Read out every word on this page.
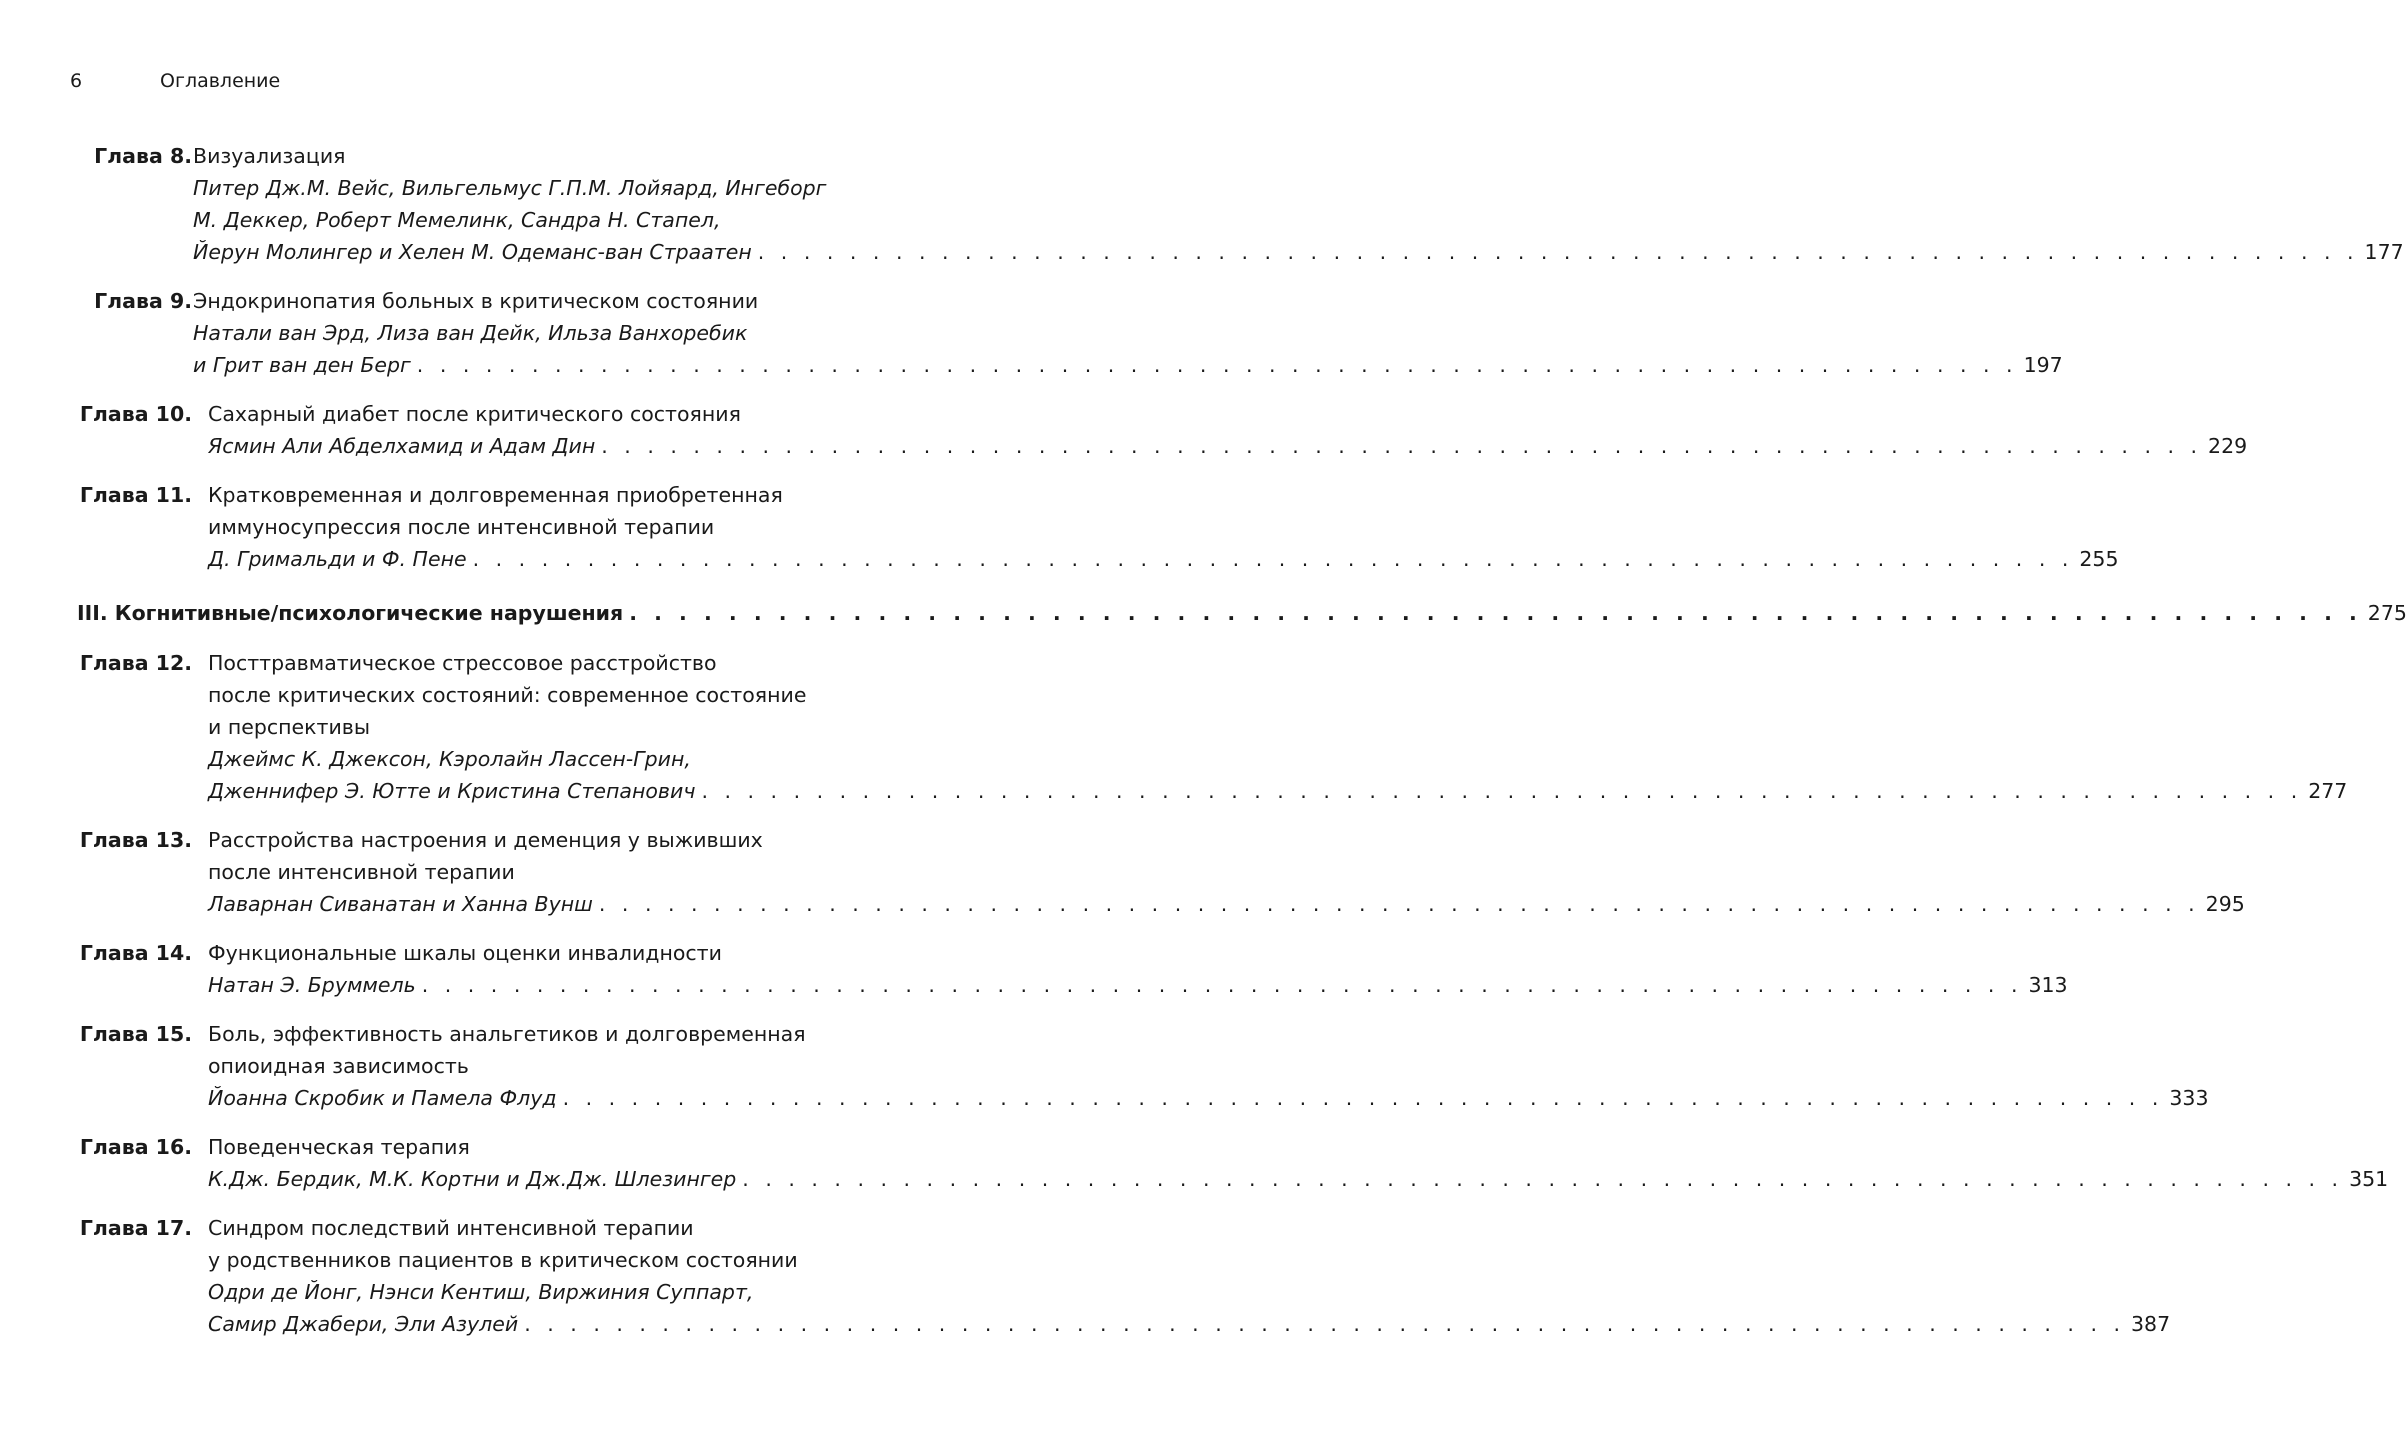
6	Оглавление
Глава 8. Визуализация
Питер Дж.М. Вейс, Вильгельмус Г.П.М. Лойяард, Ингеборг
М. Деккер, Роберт Мемелинк, Сандра Н. Стапел,
Йерун Молингер и Хелен М. Одеманс-ван Страатен . . . . . . . . . . . . . . . . . . . . . . . . . . . . . . . . . . . . . . . . . . . . . . . . . . . . . . . . . . . . . . . . . . . . . . 177
Глава 9. Эндокринопатия больных в критическом состоянии
Натали ван Эрд, Лиза ван Дейк, Ильза Ванхоребик
и Грит ван ден Берг . . . . . . . . . . . . . . . . . . . . . . . . . . . . . . . . . . . . . . . . . . . . . . . . . . . . . . . . . . . . . . . . . . . . . . 197
Глава 10. Сахарный диабет после критического состояния
Ясмин Али Абделхамид и Адам Дин . . . . . . . . . . . . . . . . . . . . . . . . . . . . . . . . . . . . . . . . . . . . . . . . . . . . . . . . . . . . . . . . . . . . . . 229
Глава 11. Кратковременная и долговременная приобретенная
иммуносупрессия после интенсивной терапии
Д. Гримальди и Ф. Пене . . . . . . . . . . . . . . . . . . . . . . . . . . . . . . . . . . . . . . . . . . . . . . . . . . . . . . . . . . . . . . . . . . . . . . 255
III. Когнитивные/психологические нарушения . . . . . . . . . . . . . . . . . . . . . . . . . . . . . . . . . . . . . . . . . . . . . . . . . . . . . . . . . . . . . . . . . . . . . . 275
Глава 12. Посттравматическое стрессовое расстройство
после критических состояний: современное состояние
и перспективы
Джеймс К. Джексон, Кэролайн Лассен-Грин,
Дженнифер Э. Ютте и Кристина Степанович . . . . . . . . . . . . . . . . . . . . . . . . . . . . . . . . . . . . . . . . . . . . . . . . . . . . . . . . . . . . . . . . . . . . . . 277
Глава 13. Расстройства настроения и деменция у выживших
после интенсивной терапии
Лаварнан Сиванатан и Ханна Вунш . . . . . . . . . . . . . . . . . . . . . . . . . . . . . . . . . . . . . . . . . . . . . . . . . . . . . . . . . . . . . . . . . . . . . . 295
Глава 14. Функциональные шкалы оценки инвалидности
Натан Э. Бруммель . . . . . . . . . . . . . . . . . . . . . . . . . . . . . . . . . . . . . . . . . . . . . . . . . . . . . . . . . . . . . . . . . . . . . . 313
Глава 15. Боль, эффективность анальгетиков и долговременная
опиоидная зависимость
Йоанна Скробик и Памела Флуд . . . . . . . . . . . . . . . . . . . . . . . . . . . . . . . . . . . . . . . . . . . . . . . . . . . . . . . . . . . . . . . . . . . . . . 333
Глава 16. Поведенческая терапия
К.Дж. Бердик, М.К. Кортни и Дж.Дж. Шлезингер . . . . . . . . . . . . . . . . . . . . . . . . . . . . . . . . . . . . . . . . . . . . . . . . . . . . . . . . . . . . . . . . . . . . . . 351
Глава 17. Синдром последствий интенсивной терапии
у родственников пациентов в критическом состоянии
Одри де Йонг, Нэнси Кентиш, Виржиния Суппарт,
Самир Джабери, Эли Азулей . . . . . . . . . . . . . . . . . . . . . . . . . . . . . . . . . . . . . . . . . . . . . . . . . . . . . . . . . . . . . . . . . . . . . . 387
